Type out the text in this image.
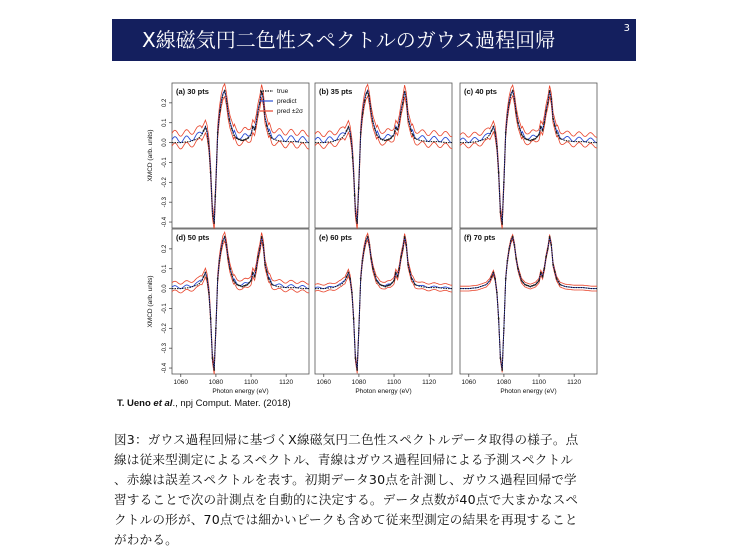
X線磁気円二色性スペクトルのガウス過程回帰	3
(a) 30 pts
-0.4
-0.3
-0.2
-0.1
0.0
0.1
0.2
XMCD (arb. units)
(b) 35 pts	(c) 40 pts
(d) 50 pts
-0.4
-0.3
-0.2
-0.1
0.0
0.1
0.2
XMCD (arb. units)
1060	1080	1100	1120
Photon energy (eV)
(e) 60 pts
1060	1080	1100	1120
Photon energy (eV)
(f) 70 pts
1060	1080	1100	1120
Photon energy (eV)
true
predict
pred ±2σ
T. Ueno et al., npj Comput. Mater. (2018)
図3：ガウス過程回帰に基づくX線磁気円二色性スペクトルデータ取得の様子。点
線は従来型測定によるスペクトル、青線はガウス過程回帰による予測スペクトル
、赤線は誤差スペクトルを表す。初期データ30点を計測し、ガウス過程回帰で学
習することで次の計測点を自動的に決定する。データ点数が40点で大まかなスペ
クトルの形が、70点では細かいピークも含めて従来型測定の結果を再現すること
がわかる。
